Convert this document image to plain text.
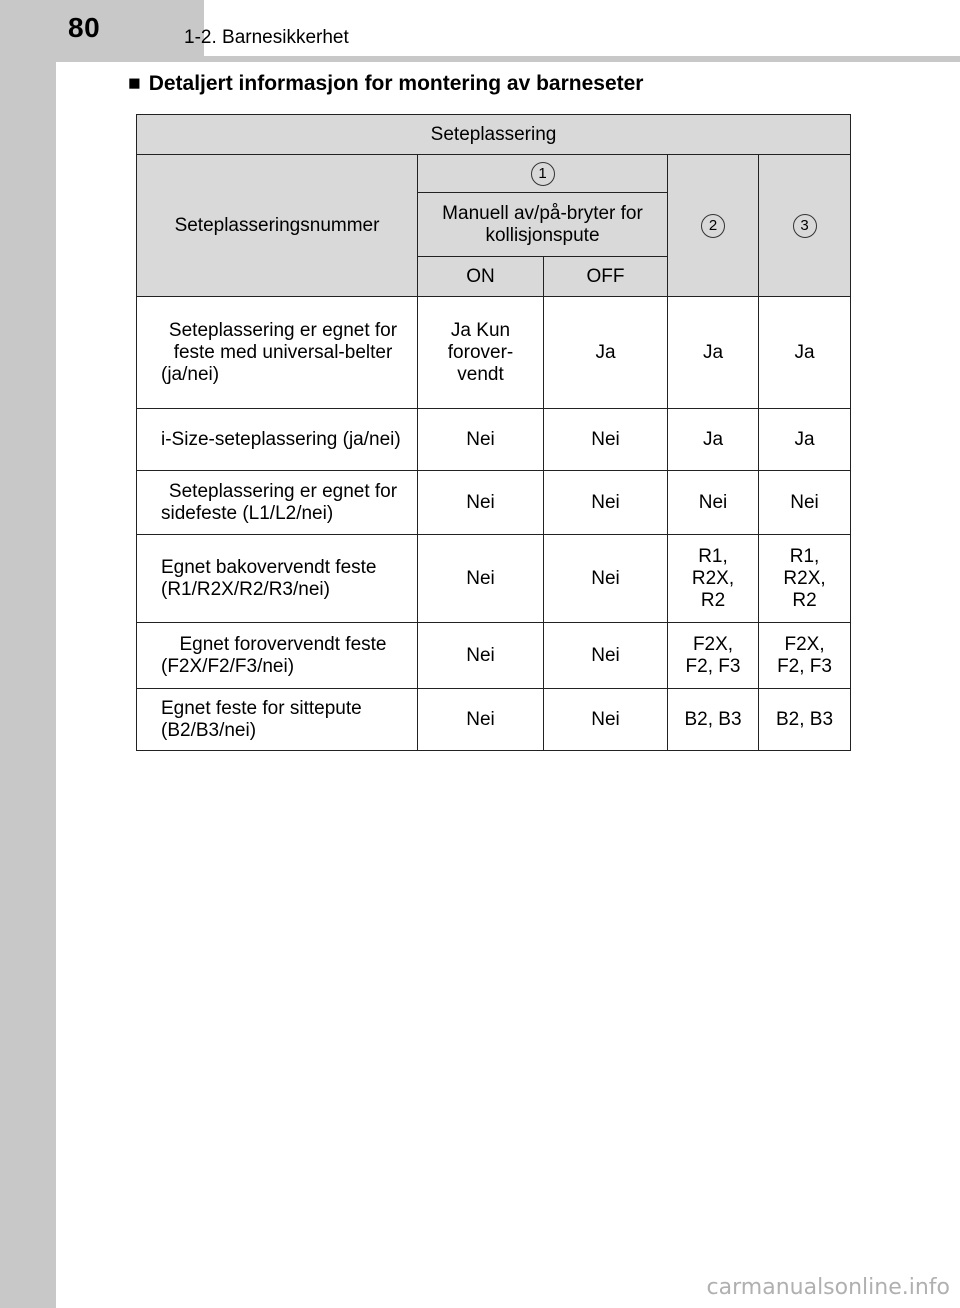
80	1-2. Barnesikkerhet
■ Detaljert informasjon for montering av barneseter
Seteplassering				
Seteplasseringsnummer	1		2	3
	Manuell av/på-bryter for kollisjonspute			
	ON	OFF		
Seteplassering er egnet for feste med universal-belter (ja/nei)	Ja Kun forover-vendt	Ja	Ja	Ja
i-Size-seteplassering (ja/nei)	Nei	Nei	Ja	Ja
Seteplassering er egnet for sidefeste (L1/L2/nei)	Nei	Nei	Nei	Nei
Egnet bakovervendt feste (R1/R2X/R2/R3/nei)	Nei	Nei	R1, R2X, R2	R1, R2X, R2
Egnet forovervendt feste (F2X/F2/F3/nei)	Nei	Nei	F2X, F2, F3	F2X, F2, F3
Egnet feste for sittepute (B2/B3/nei)	Nei	Nei	B2, B3	B2, B3
carmanualsonline.info
